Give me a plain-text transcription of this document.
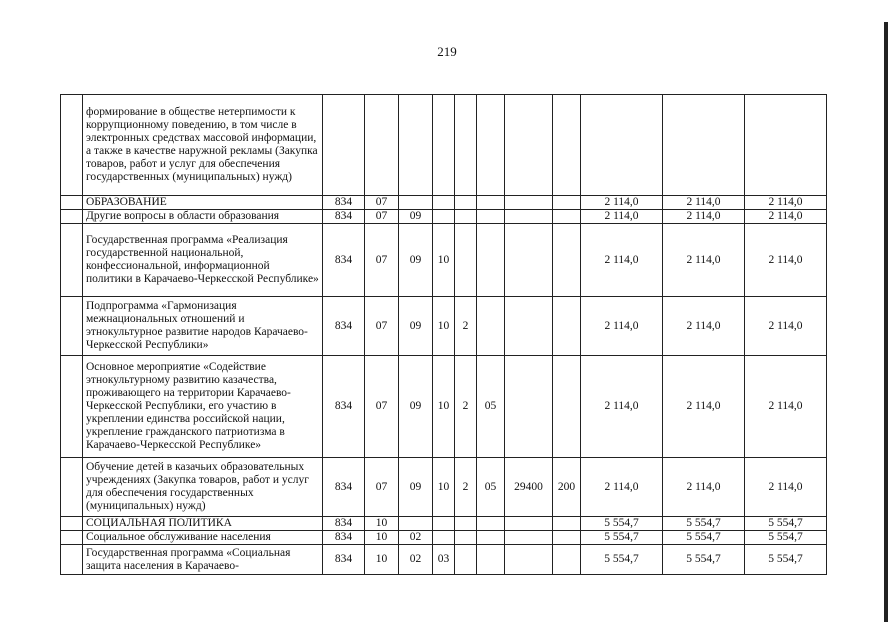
219
	формирование в обществе нетерпимости к коррупционному поведению, в том числе в электронных средствах массовой информации, а также в качестве наружной рекламы (Закупка товаров, работ и услуг для обеспечения государственных (муниципальных) нужд)											
	ОБРАЗОВАНИЕ	834	07							2 114,0	2 114,0	2 114,0
	Другие вопросы в области образования	834	07	09						2 114,0	2 114,0	2 114,0
	Государственная программа «Реализация государственной национальной, конфессиональной, информационной политики в Карачаево-Черкесской Республике»	834	07	09	10					2 114,0	2 114,0	2 114,0
	Подпрограмма «Гармонизация межнациональных отношений и этнокультурное развитие народов Карачаево-Черкесской Республики»	834	07	09	10	2				2 114,0	2 114,0	2 114,0
	Основное мероприятие «Содействие этнокультурному развитию казачества, проживающего на территории Карачаево-Черкесской Республики, его участию в укреплении единства российской нации, укрепление гражданского патриотизма в Карачаево-Черкесской Республике»	834	07	09	10	2	05			2 114,0	2 114,0	2 114,0
	Обучение детей в казачьих образовательных учреждениях (Закупка товаров, работ и услуг для обеспечения государственных (муниципальных) нужд)	834	07	09	10	2	05	29400	200	2 114,0	2 114,0	2 114,0
	СОЦИАЛЬНАЯ ПОЛИТИКА	834	10							5 554,7	5 554,7	5 554,7
	Социальное обслуживание населения	834	10	02						5 554,7	5 554,7	5 554,7
	Государственная программа «Социальная защита населения в Карачаево-	834	10	02	03					5 554,7	5 554,7	5 554,7
